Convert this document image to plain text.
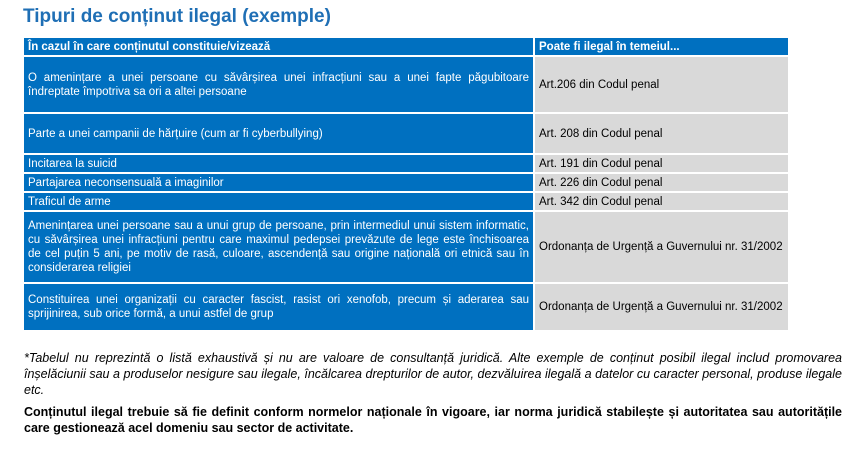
Tipuri de conținut ilegal (exemple)
În cazul în care conținutul constituie/vizează	Poate fi ilegal în temeiul...
O amenințare a unei persoane cu săvârșirea unei infracțiuni sau a unei fapte păgubitoare îndreptate împotriva sa ori a altei persoane	Art.206 din Codul penal
Parte a unei campanii de hărțuire (cum ar fi cyberbullying)	Art. 208 din Codul penal
Incitarea la suicid	Art. 191 din Codul penal
Partajarea neconsensuală a imaginilor	Art. 226 din Codul penal
Traficul de arme	Art. 342 din Codul penal
Amenințarea unei persoane sau a unui grup de persoane, prin intermediul unui sistem informatic, cu săvârșirea unei infracțiuni pentru care maximul pedepsei prevăzute de lege este închisoarea de cel puțin 5 ani, pe motiv de rasă, culoare, ascendență sau origine națională ori etnică sau în considerarea religiei	Ordonanța de Urgență a Guvernului nr. 31/2002
Constituirea unei organizații cu caracter fascist, rasist ori xenofob, precum și aderarea sau sprijinirea, sub orice formă, a unui astfel de grup	Ordonanța de Urgență a Guvernului nr. 31/2002
*Tabelul nu reprezintă o listă exhaustivă și nu are valoare de consultanță juridică. Alte exemple de conținut posibil ilegal includ promovarea înșelăciunii sau a produselor nesigure sau ilegale, încălcarea drepturilor de autor, dezvăluirea ilegală a datelor cu caracter personal, produse ilegale etc.
Conținutul ilegal trebuie să fie definit conform normelor naționale în vigoare, iar norma juridică stabilește și autoritatea sau autoritățile care gestionează acel domeniu sau sector de activitate.
